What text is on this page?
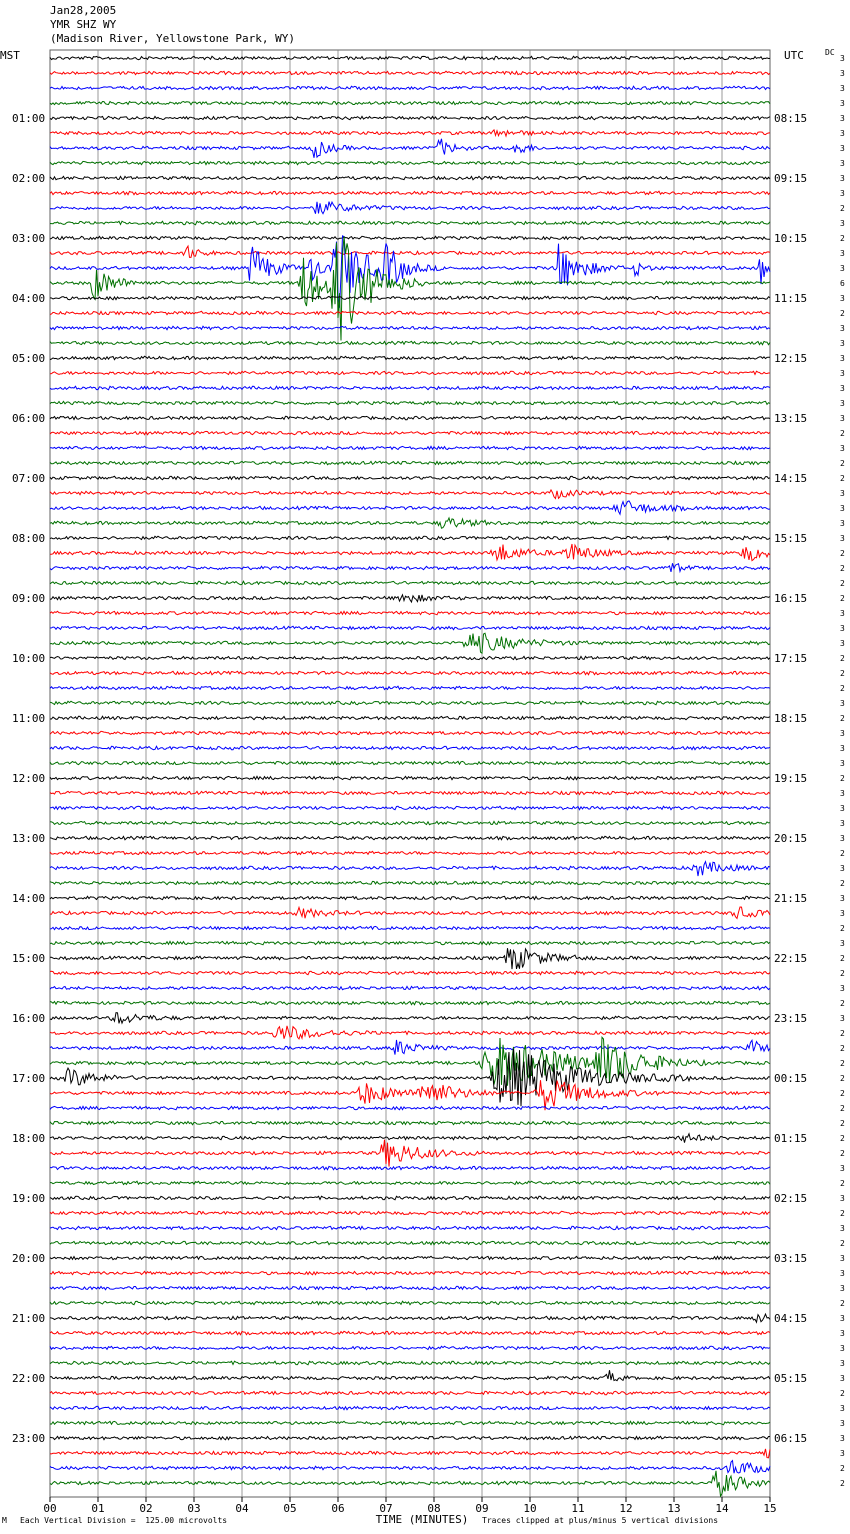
Jan28,2005
YMR SHZ WY
(Madison River, Yellowstone Park, WY)
MST	UTC	DC
01:00
02:00
03:00
04:00
05:00
06:00
07:00
08:00
09:00
10:00
11:00
12:00
13:00
14:00
15:00
16:00
17:00
18:00
19:00
20:00
21:00
22:00
23:00
08:15
09:15
10:15
11:15
12:15
13:15
14:15
15:15
16:15
17:15
18:15
19:15
20:15
21:15
22:15
23:15
00:15
01:15
02:15
03:15
04:15
05:15
06:15
3
3
3
3
3
3
3
3
3
3
2
3
2
3
3
6
3
2
3
3
3
3
3
3
3
2
3
2
2
3
3
3
3
2
2
2
2
3
3
3
2
2
2
3
2
3
3
3
2
3
3
3
3
2
3
2
3
3
2
3
2
2
3
2
3
2
2
2
2
2
2
2
2
2
3
2
3
2
3
2
3
3
3
2
3
3
3
3
3
2
3
3
3
3
2
2
00	01	02	03	04	05	06	07	08	09	10	11	12	13	14	15
TIME (MINUTES)
M Each Vertical Division =  125.00 microvolts	Traces clipped at plus/minus 5 vertical divisions
